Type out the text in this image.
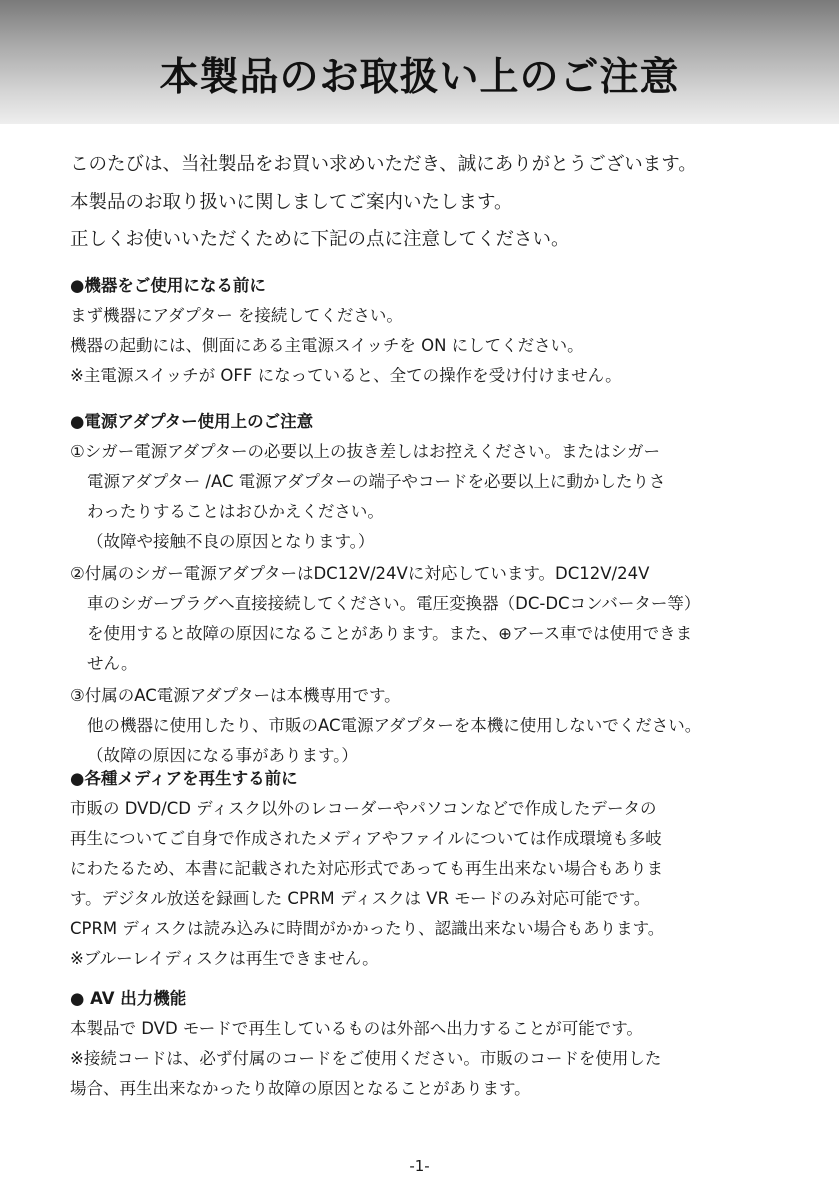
本製品のお取扱い上のご注意

このたびは、当社製品をお買い求めいただき、誠にありがとうございます。

本製品のお取り扱いに関しましてご案内いたします。

正しくお使いいただくために下記の点に注意してください。

●機器をご使用になる前に

まず機器にアダプター を接続してください。

機器の起動には、側面にある主電源スイッチを ON にしてください。

※主電源スイッチが OFF になっていると、全ての操作を受け付けません。

●電源アダプター使用上のご注意

①シガー電源アダプターの必要以上の抜き差しはお控えください。またはシガー

電源アダプター /AC 電源アダプターの端子やコードを必要以上に動かしたりさ

わったりすることはおひかえください。

（故障や接触不良の原因となります。）

②付属のシガー電源アダプターはDC12V/24Vに対応しています。DC12V/24V

車のシガープラグへ直接接続してください。電圧変換器（DC-DCコンバーター等）

を使用すると故障の原因になることがあります。また、⊕アース車では使用できま

せん。

③付属のAC電源アダプターは本機専用です。

他の機器に使用したり、市販のAC電源アダプターを本機に使用しないでください。

（故障の原因になる事があります。）

●各種メディアを再生する前に

市販の DVD/CD ディスク以外のレコーダーやパソコンなどで作成したデータの

再生についてご自身で作成されたメディアやファイルについては作成環境も多岐

にわたるため、本書に記載された対応形式であっても再生出来ない場合もありま

す。デジタル放送を録画した CPRM ディスクは VR モードのみ対応可能です。

CPRM ディスクは読み込みに時間がかかったり、認識出来ない場合もあります。

※ブルーレイディスクは再生できません。

● AV 出力機能

本製品で DVD モードで再生しているものは外部へ出力することが可能です。

※接続コードは、必ず付属のコードをご使用ください。市販のコードを使用した

場合、再生出来なかったり故障の原因となることがあります。

-1-
